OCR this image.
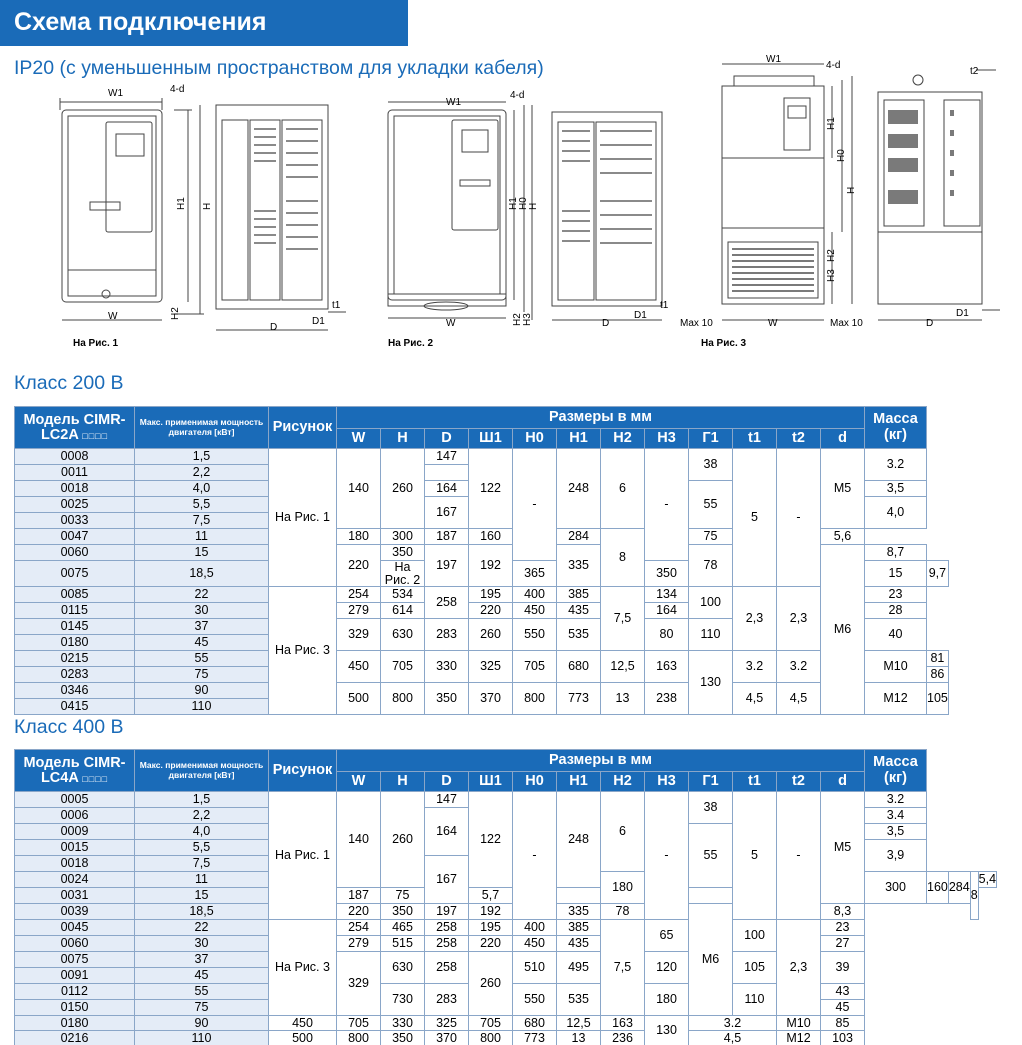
Схема подключения
IP20 (с уменьшенным пространством для укладки кабеля)
W1	4-d
H1 H
H2
W
D
D1
t1
На Рис. 1
W1
4-d
H1 H0 H
H2 H3
W	D
D1
t1
На Рис. 2
W1
4-d
H1
H0
H
H2
H3
Max 10	W	Max 10	D
D1
t2
На Рис. 3
Класс 200 В
Модель CIMR-LC2A □□□□	Макс. применимая мощность двигателя [кВт]	Рисунок	Размеры в мм												Масса (кг)	
			W	H	D	Ш1	H0	H1	H2	H3	Г1	t1	t2	d		
0008	1,5	На Рис. 1	140	260	147	122	-	248	6	-	38	5	-	M5	3.2	
0011	2,2															
0018	4,0				164						55				3,5	
0025	5,5				167										4,0	
0033	7,5															
0047	11		180	300	187	160		284	8		75			5,6		
0060	15		220	350	197	192		335			78			M6	8,7	
0075	18,5			На Рис. 2			365			350					15	9,7
0085	22	На Рис. 3	254	534	258	195	400	385	7,5	134	100	2,3	2,3		23	
0115	30		279	614		220	450	435		164					28	
0145	37		329	630	283	260	550	535		80	110				40	
0180	45															
0215	55		450	705	330	325	705	680	12,5	163	130	3.2	3.2		M10	81
0283	75															86
0346	90		500	800	350	370	800	773	13	238		4,5	4,5		M12	105
0415	110															
Класс 400 В
Модель CIMR-LC4A □□□□	Макс. применимая мощность двигателя [кВт]	Рисунок	Размеры в мм												Масса (кг)				
			W	H	D	Ш1	H0	H1	H2	H3	Г1	t1	t2	d					
0005	1,5	На Рис. 1	140	260	147	122	-	248	6	-	38	5	-	M5	3.2				
0006	2,2				164										3.4				
0009	4,0										55				3,5				
0015	5,5														3,9				
0018	7,5				167														
0024	11								180						300	160	284	8	5,4
0031	15		187	75		5,7													
0039	18,5		220	350	197	192		335	78		M6			8,3					
0045	22	На Рис. 3	254	465	258	195	400	385	7,5	65		100	2,3	23					
0060	30		279	515	258	220	450	435						27					
0075	37		329	630	258	260	510	495		120		105		39					
0091	45																		
0112	55			730	283		550	535		180		110		43					
0150	75													45					
0180	90	450	705	330	325	705	680	12,5	163	130	3.2		M10	85					
0216	110	500	800	350	370	800	773	13	236		4,5		M12	103					
